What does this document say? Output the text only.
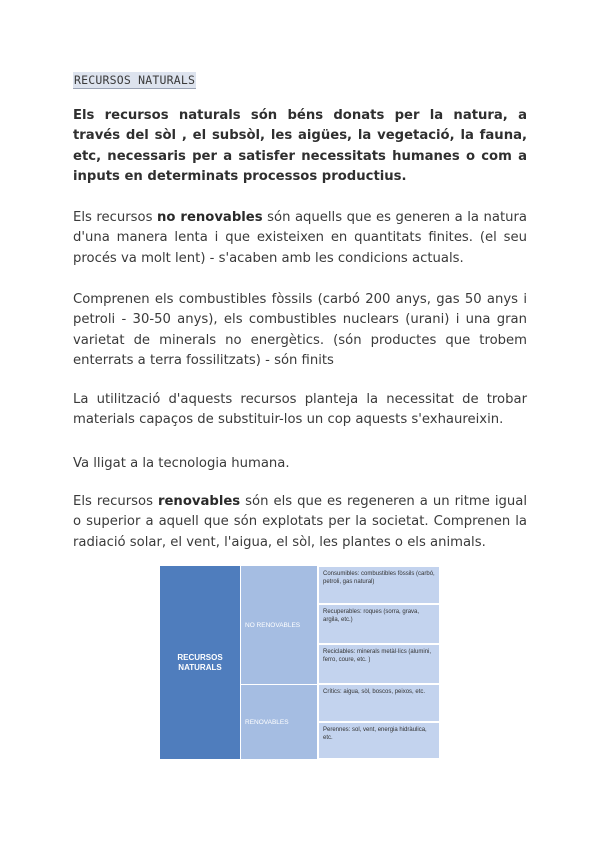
RECURSOS NATURALS

Els recursos naturals són béns donats per la natura, a través del sòl , el subsòl, les aigües, la vegetació, la fauna, etc, necessaris per a satisfer necessitats humanes o com a inputs en determinats processos productius.

Els recursos no renovables són aquells que es generen a la natura d'una manera lenta i que existeixen en quantitats finites. (el seu procés va molt lent) - s'acaben amb les condicions actuals.

Comprenen els combustibles fòssils (carbó 200 anys, gas 50 anys i petroli - 30-50 anys), els combustibles nuclears (urani) i una gran varietat de minerals no energètics. (són productes que trobem enterrats a terra fossilitzats) - són finits

La utilització d'aquests recursos planteja la necessitat de trobar materials capaços de substituir-los un cop aquests s'exhaureixin.

Va lligat a la tecnologia humana.

Els recursos renovables són els que es regeneren a un ritme igual o superior a aquell que són explotats per la societat. Comprenen la radiació solar, el vent, l'aigua, el sòl, les plantes o els animals.

RECURSOS NATURALS
NO RENOVABLES
RENOVABLES
Consumibles: combustibles fòssils (carbó, petroli, gas natural)
Recuperables: roques (sorra, grava, argila, etc.)
Reciclables: minerals metàl·lics (alumini, ferro, coure, etc. )
Crítics: aigua, sòl, boscos, peixos, etc.
Perennes: sol, vent, energia hidràulica, etc.
